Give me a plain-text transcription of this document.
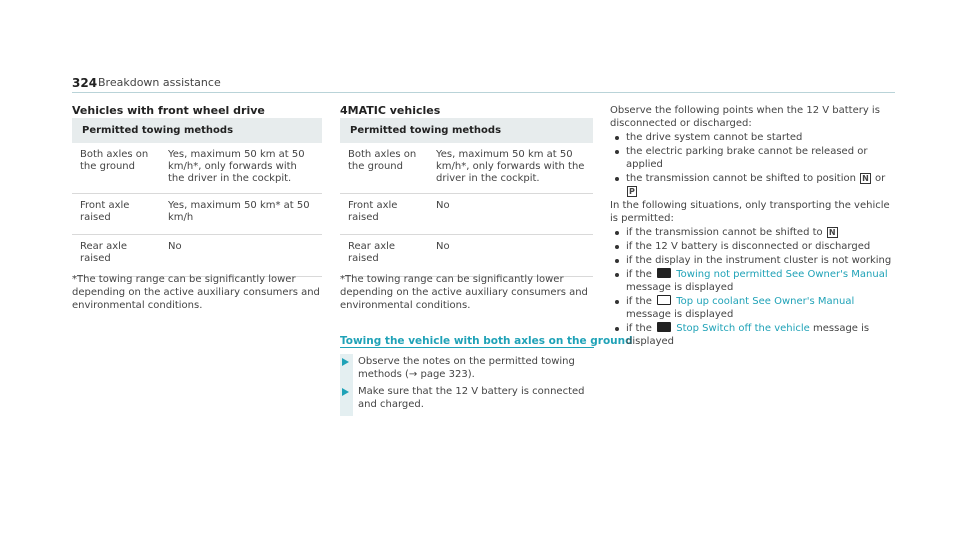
324 Breakdown assistance
Vehicles with front wheel drive
Permitted towing methods	
Both axles on the ground	Yes, maximum 50 km at 50 km/h*, only forwards with the driver in the cockpit.
Front axle raised	Yes, maximum 50 km* at 50 km/h
Rear axle raised	No
*The towing range can be significantly lower depending on the active auxiliary consumers and environmental conditions.
4MATIC vehicles
Permitted towing methods	
Both axles on the ground	Yes, maximum 50 km at 50 km/h*, only forwards with the driver in the cockpit.
Front axle raised	No
Rear axle raised	No
*The towing range can be significantly lower depending on the active auxiliary consumers and environmental conditions.
Towing the vehicle with both axles on the ground
Observe the notes on the permitted towing methods (→ page 323).
Make sure that the 12 V battery is connected and charged.

Observe the following points when the 12 V battery is disconnected or discharged:

the drive system cannot be started
the electric parking brake cannot be released or applied
the transmission cannot be shifted to position N or P

In the following situations, only transporting the vehicle is permitted:

if the transmission cannot be shifted to N
if the 12 V battery is disconnected or discharged
if the display in the instrument cluster is not working
if the Towing not permitted See Owner's Manual message is displayed
if the Top up coolant See Owner's Manual message is displayed
if the Stop Switch off the vehicle message is displayed
